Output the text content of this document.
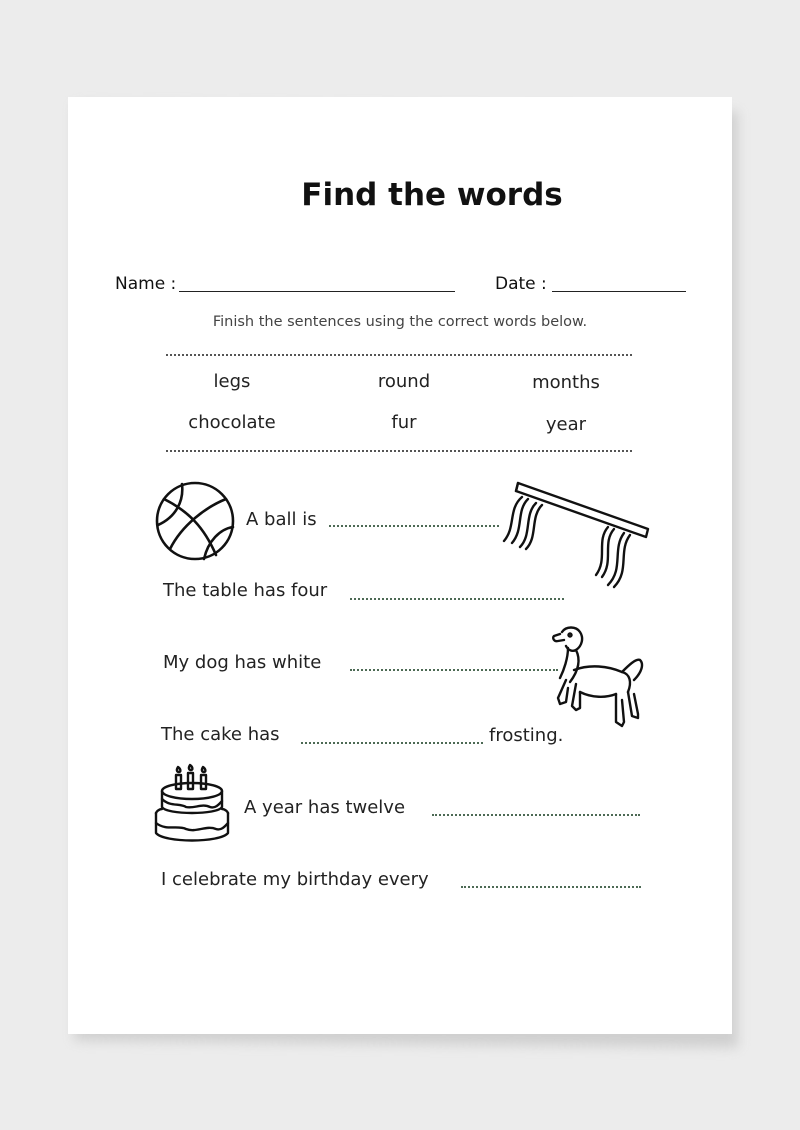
Find the words
Name :	Date :
Finish the sentences using the correct words below.
legs	round	months
chocolate	fur	year
A ball is
The table has four
My dog has white
The cake has	frosting.
A year has twelve
I celebrate my birthday every
